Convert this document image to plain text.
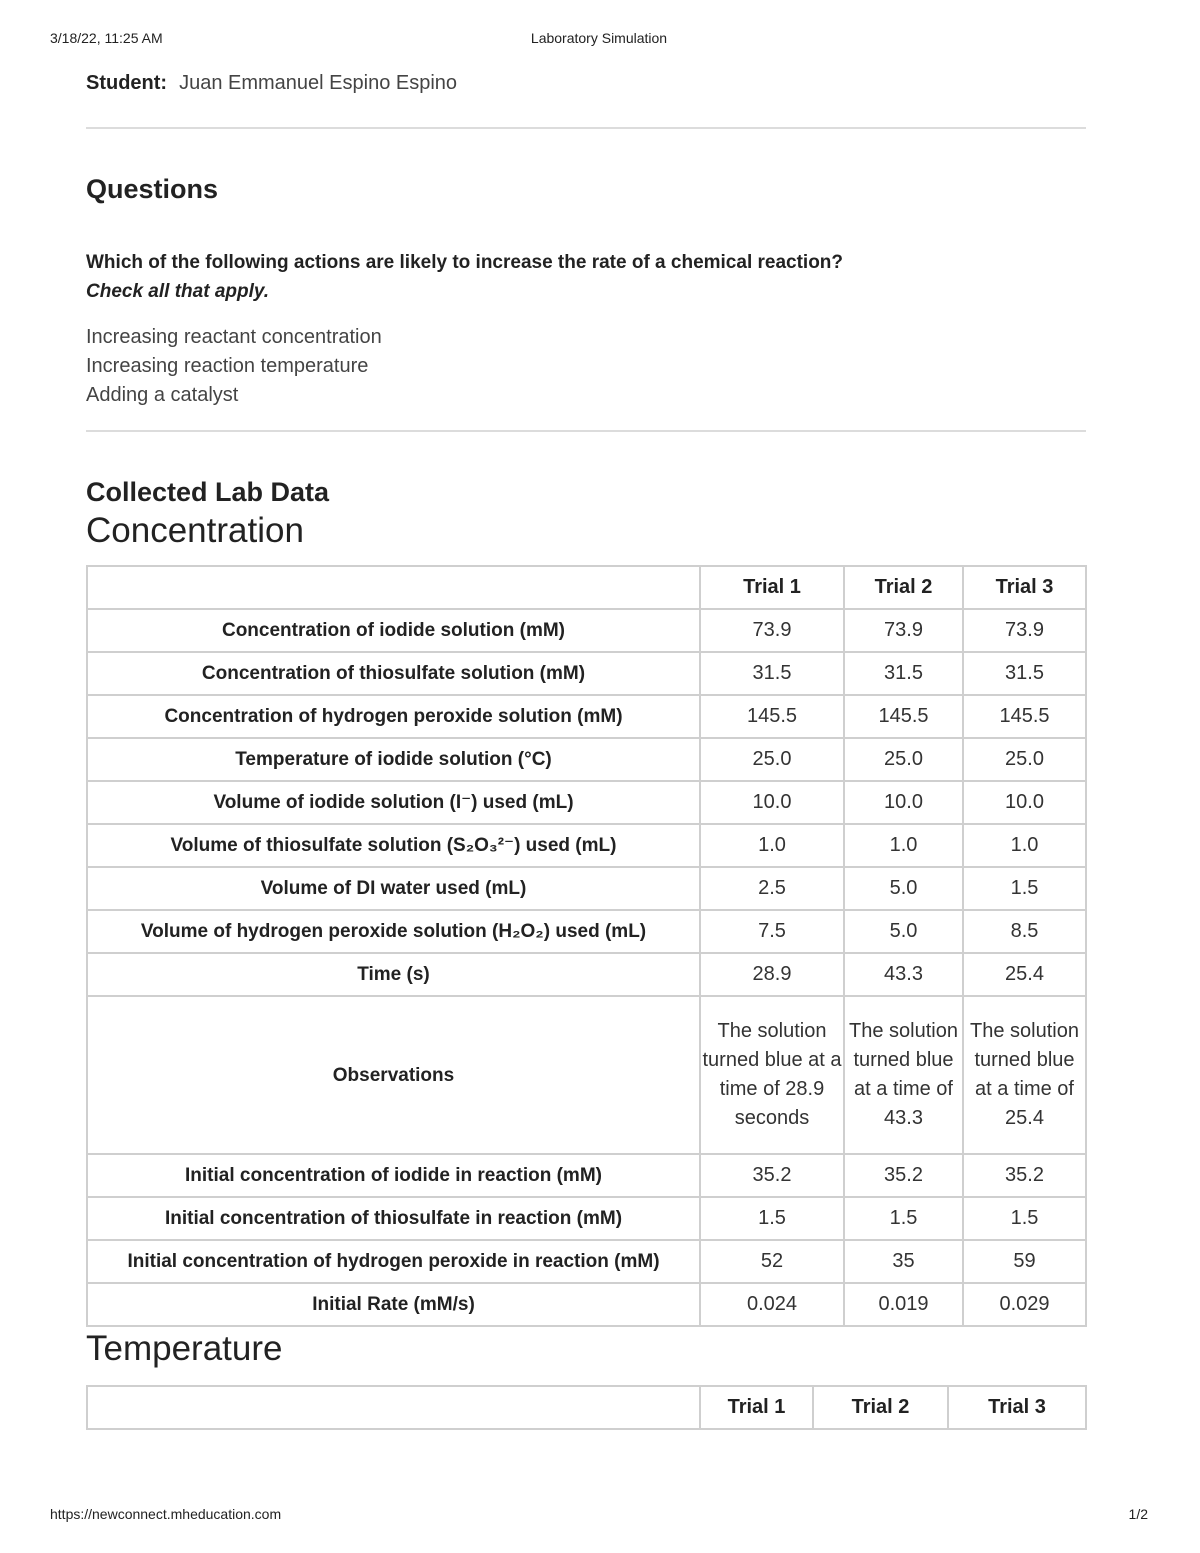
3/18/22, 11:25 AM	Laboratory Simulation
Student: Juan Emmanuel Espino Espino
Questions
Which of the following actions are likely to increase the rate of a chemical reaction?
Check all that apply.
Increasing reactant concentration
Increasing reaction temperature
Adding a catalyst
Collected Lab Data
Concentration
	Trial 1	Trial 2	Trial 3
Concentration of iodide solution (mM)	73.9	73.9	73.9
Concentration of thiosulfate solution (mM)	31.5	31.5	31.5
Concentration of hydrogen peroxide solution (mM)	145.5	145.5	145.5
Temperature of iodide solution (°C)	25.0	25.0	25.0
Volume of iodide solution (I⁻) used (mL)	10.0	10.0	10.0
Volume of thiosulfate solution (S₂O₃²⁻) used (mL)	1.0	1.0	1.0
Volume of DI water used (mL)	2.5	5.0	1.5
Volume of hydrogen peroxide solution (H₂O₂) used (mL)	7.5	5.0	8.5
Time (s)	28.9	43.3	25.4
Observations	The solution turned blue at a time of 28.9 seconds	The solution turned blue at a time of 43.3	The solution turned blue at a time of 25.4
Initial concentration of iodide in reaction (mM)	35.2	35.2	35.2
Initial concentration of thiosulfate in reaction (mM)	1.5	1.5	1.5
Initial concentration of hydrogen peroxide in reaction (mM)	52	35	59
Initial Rate (mM/s)	0.024	0.019	0.029
Temperature
	Trial 1	Trial 2	Trial 3
https://newconnect.mheducation.com	1/2
